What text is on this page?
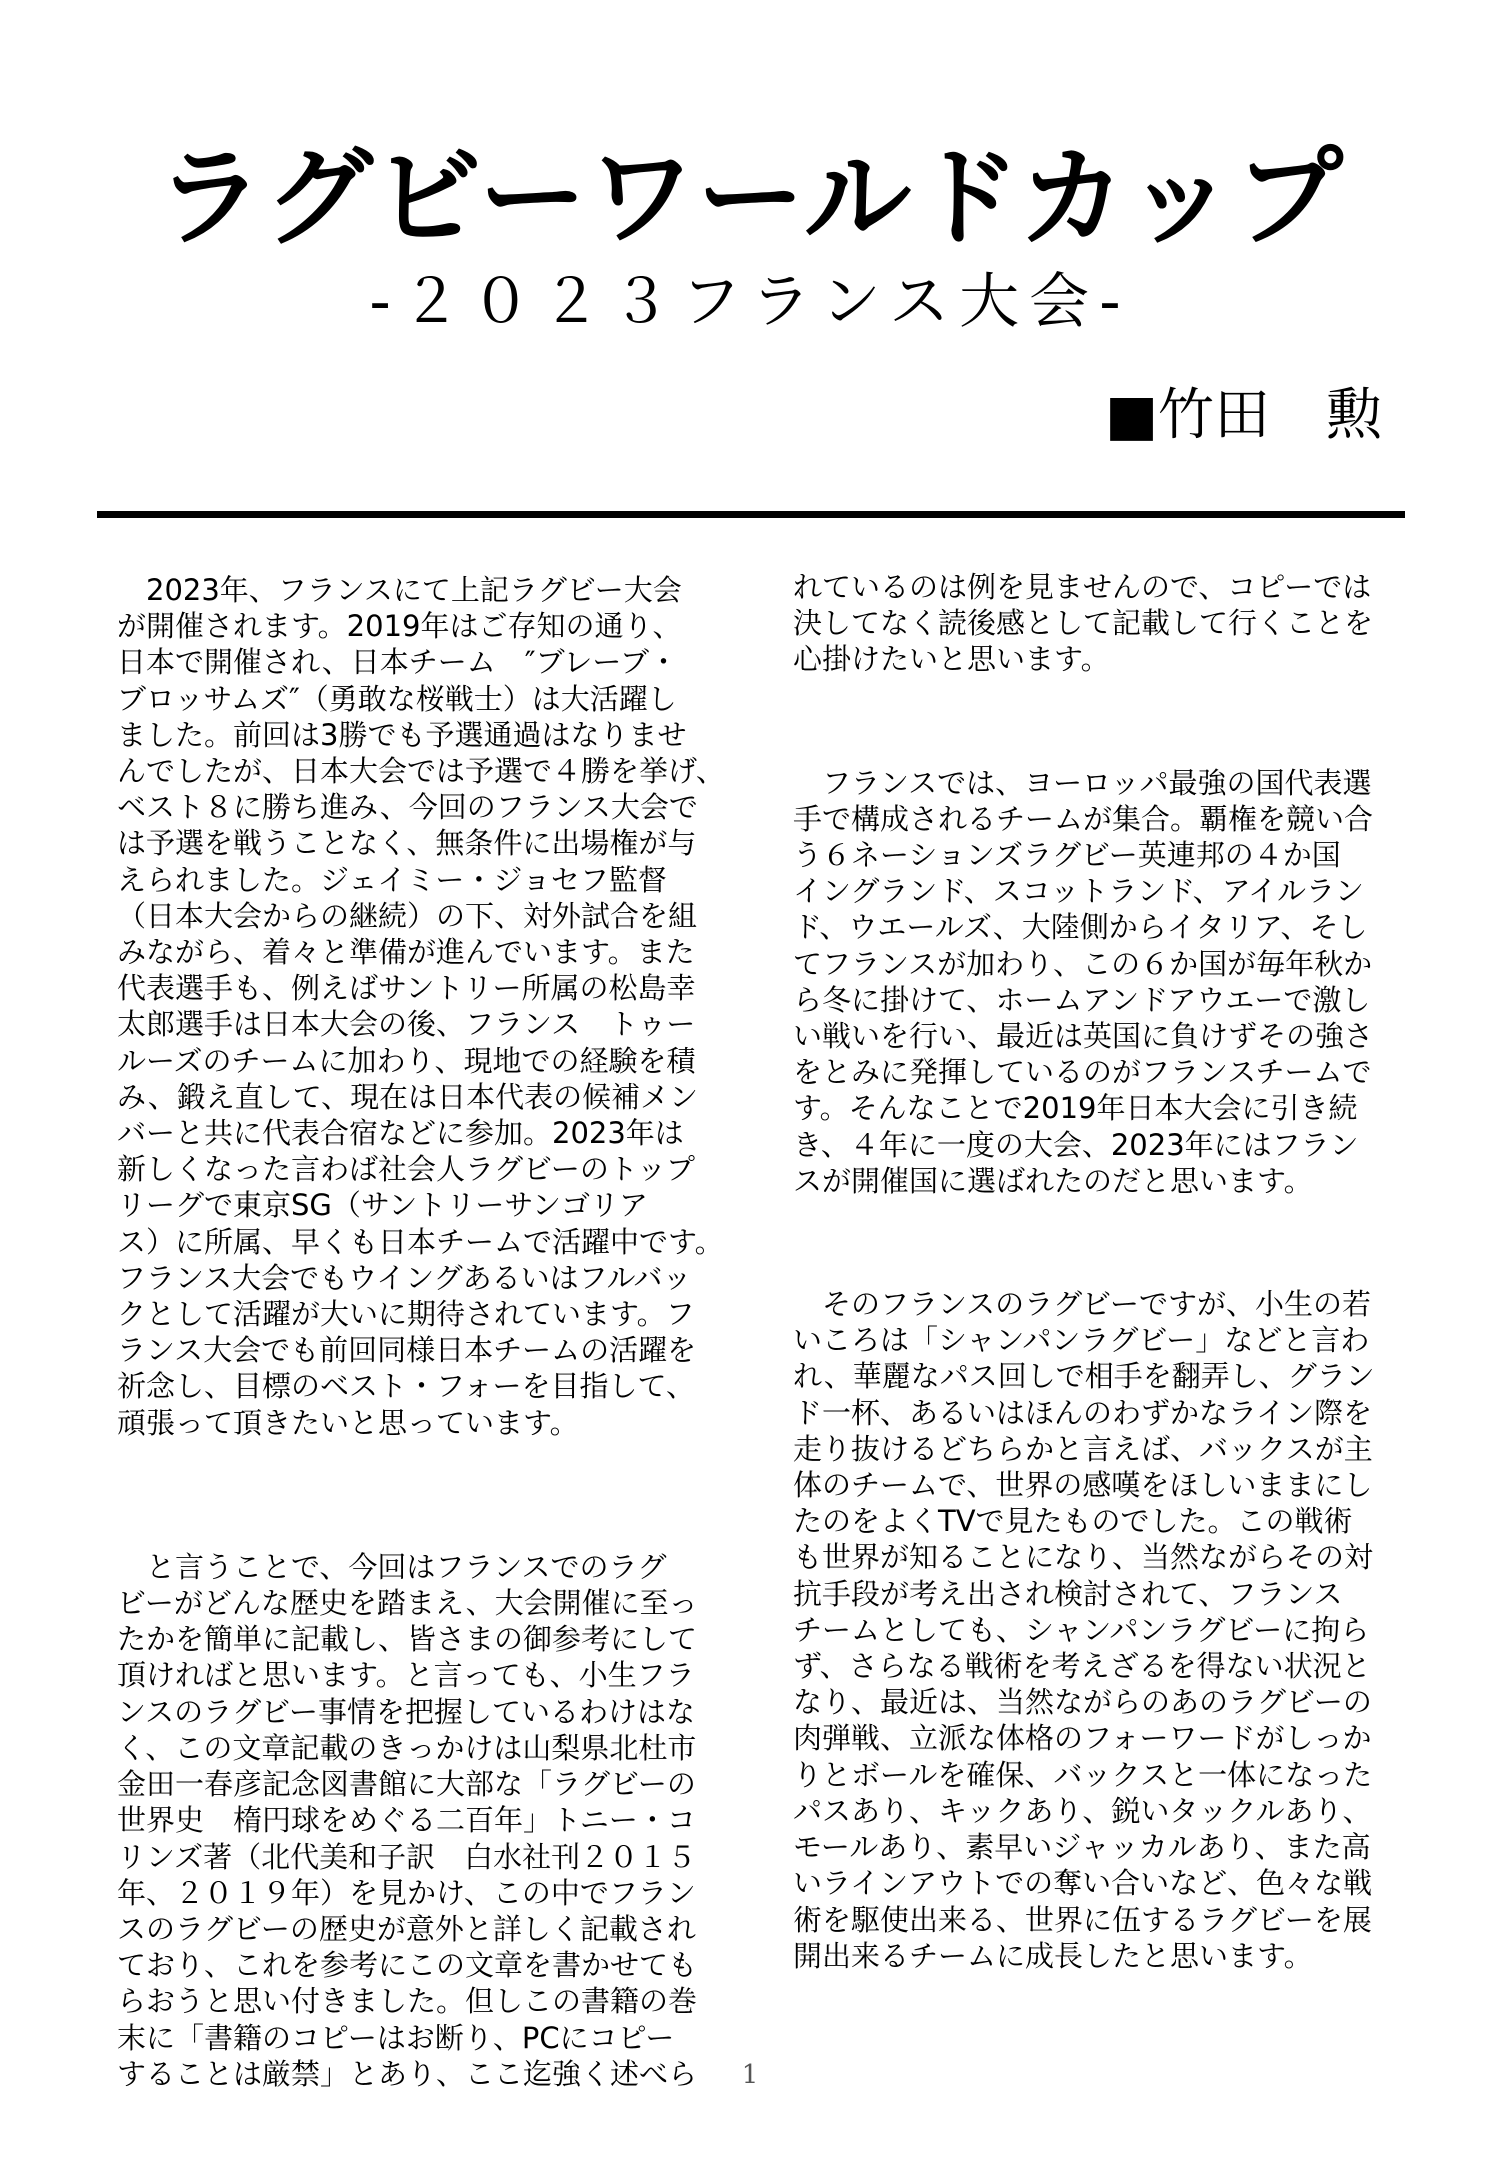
ラグビーワールドカップ
-２０２３フランス大会-
■竹田　勲

　2023年、フランスにて上記ラグビー大会
が開催されます。2019年はご存知の通り、
日本で開催され、日本チーム　″ブレーブ・
ブロッサムズ″（勇敢な桜戦士）は大活躍し
ました。前回は3勝でも予選通過はなりませ
んでしたが、日本大会では予選で４勝を挙げ、
ベスト８に勝ち進み、今回のフランス大会で
は予選を戦うことなく、無条件に出場権が与
えられました。ジェイミー・ジョセフ監督
（日本大会からの継続）の下、対外試合を組
みながら、着々と準備が進んでいます。また
代表選手も、例えばサントリー所属の松島幸
太郎選手は日本大会の後、フランス　トゥー
ルーズのチームに加わり、現地での経験を積
み、鍛え直して、現在は日本代表の候補メン
バーと共に代表合宿などに参加。2023年は
新しくなった言わば社会人ラグビーのトップ
リーグで東京SG（サントリーサンゴリア
ス）に所属、早くも日本チームで活躍中です。
フランス大会でもウイングあるいはフルバッ
クとして活躍が大いに期待されています。フ
ランス大会でも前回同様日本チームの活躍を
祈念し、目標のベスト・フォーを目指して、
頑張って頂きたいと思っています。

　と言うことで、今回はフランスでのラグ
ビーがどんな歴史を踏まえ、大会開催に至っ
たかを簡単に記載し、皆さまの御参考にして
頂ければと思います。と言っても、小生フラ
ンスのラグビー事情を把握しているわけはな
く、この文章記載のきっかけは山梨県北杜市
金田一春彦記念図書館に大部な「ラグビーの
世界史　楕円球をめぐる二百年」トニー・コ
リンズ著（北代美和子訳　白水社刊２０１５
年、２０１９年）を見かけ、この中でフラン
スのラグビーの歴史が意外と詳しく記載され
ており、これを参考にこの文章を書かせても
らおうと思い付きました。但しこの書籍の巻
末に「書籍のコピーはお断り、PCにコピー
することは厳禁」とあり、ここ迄強く述べら

れているのは例を見ませんので、コピーでは
決してなく読後感として記載して行くことを
心掛けたいと思います。

　フランスでは、ヨーロッパ最強の国代表選
手で構成されるチームが集合。覇権を競い合
う６ネーションズラグビー英連邦の４か国
イングランド、スコットランド、アイルラン
ド、ウエールズ、大陸側からイタリア、そし
てフランスが加わり、この６か国が毎年秋か
ら冬に掛けて、ホームアンドアウエーで激し
い戦いを行い、最近は英国に負けずその強さ
をとみに発揮しているのがフランスチームで
す。そんなことで2019年日本大会に引き続
き、４年に一度の大会、2023年にはフラン
スが開催国に選ばれたのだと思います。

　そのフランスのラグビーですが、小生の若
いころは「シャンパンラグビー」などと言わ
れ、華麗なパス回しで相手を翻弄し、グラン
ド一杯、あるいはほんのわずかなライン際を
走り抜けるどちらかと言えば、バックスが主
体のチームで、世界の感嘆をほしいままにし
たのをよくTVで見たものでした。この戦術
も世界が知ることになり、当然ながらその対
抗手段が考え出され検討されて、フランス
チームとしても、シャンパンラグビーに拘ら
ず、さらなる戦術を考えざるを得ない状況と
なり、最近は、当然ながらのあのラグビーの
肉弾戦、立派な体格のフォーワードがしっか
りとボールを確保、バックスと一体になった
パスあり、キックあり、鋭いタックルあり、
モールあり、素早いジャッカルあり、また高
いラインアウトでの奪い合いなど、色々な戦
術を駆使出来る、世界に伍するラグビーを展
開出来るチームに成長したと思います。

1
